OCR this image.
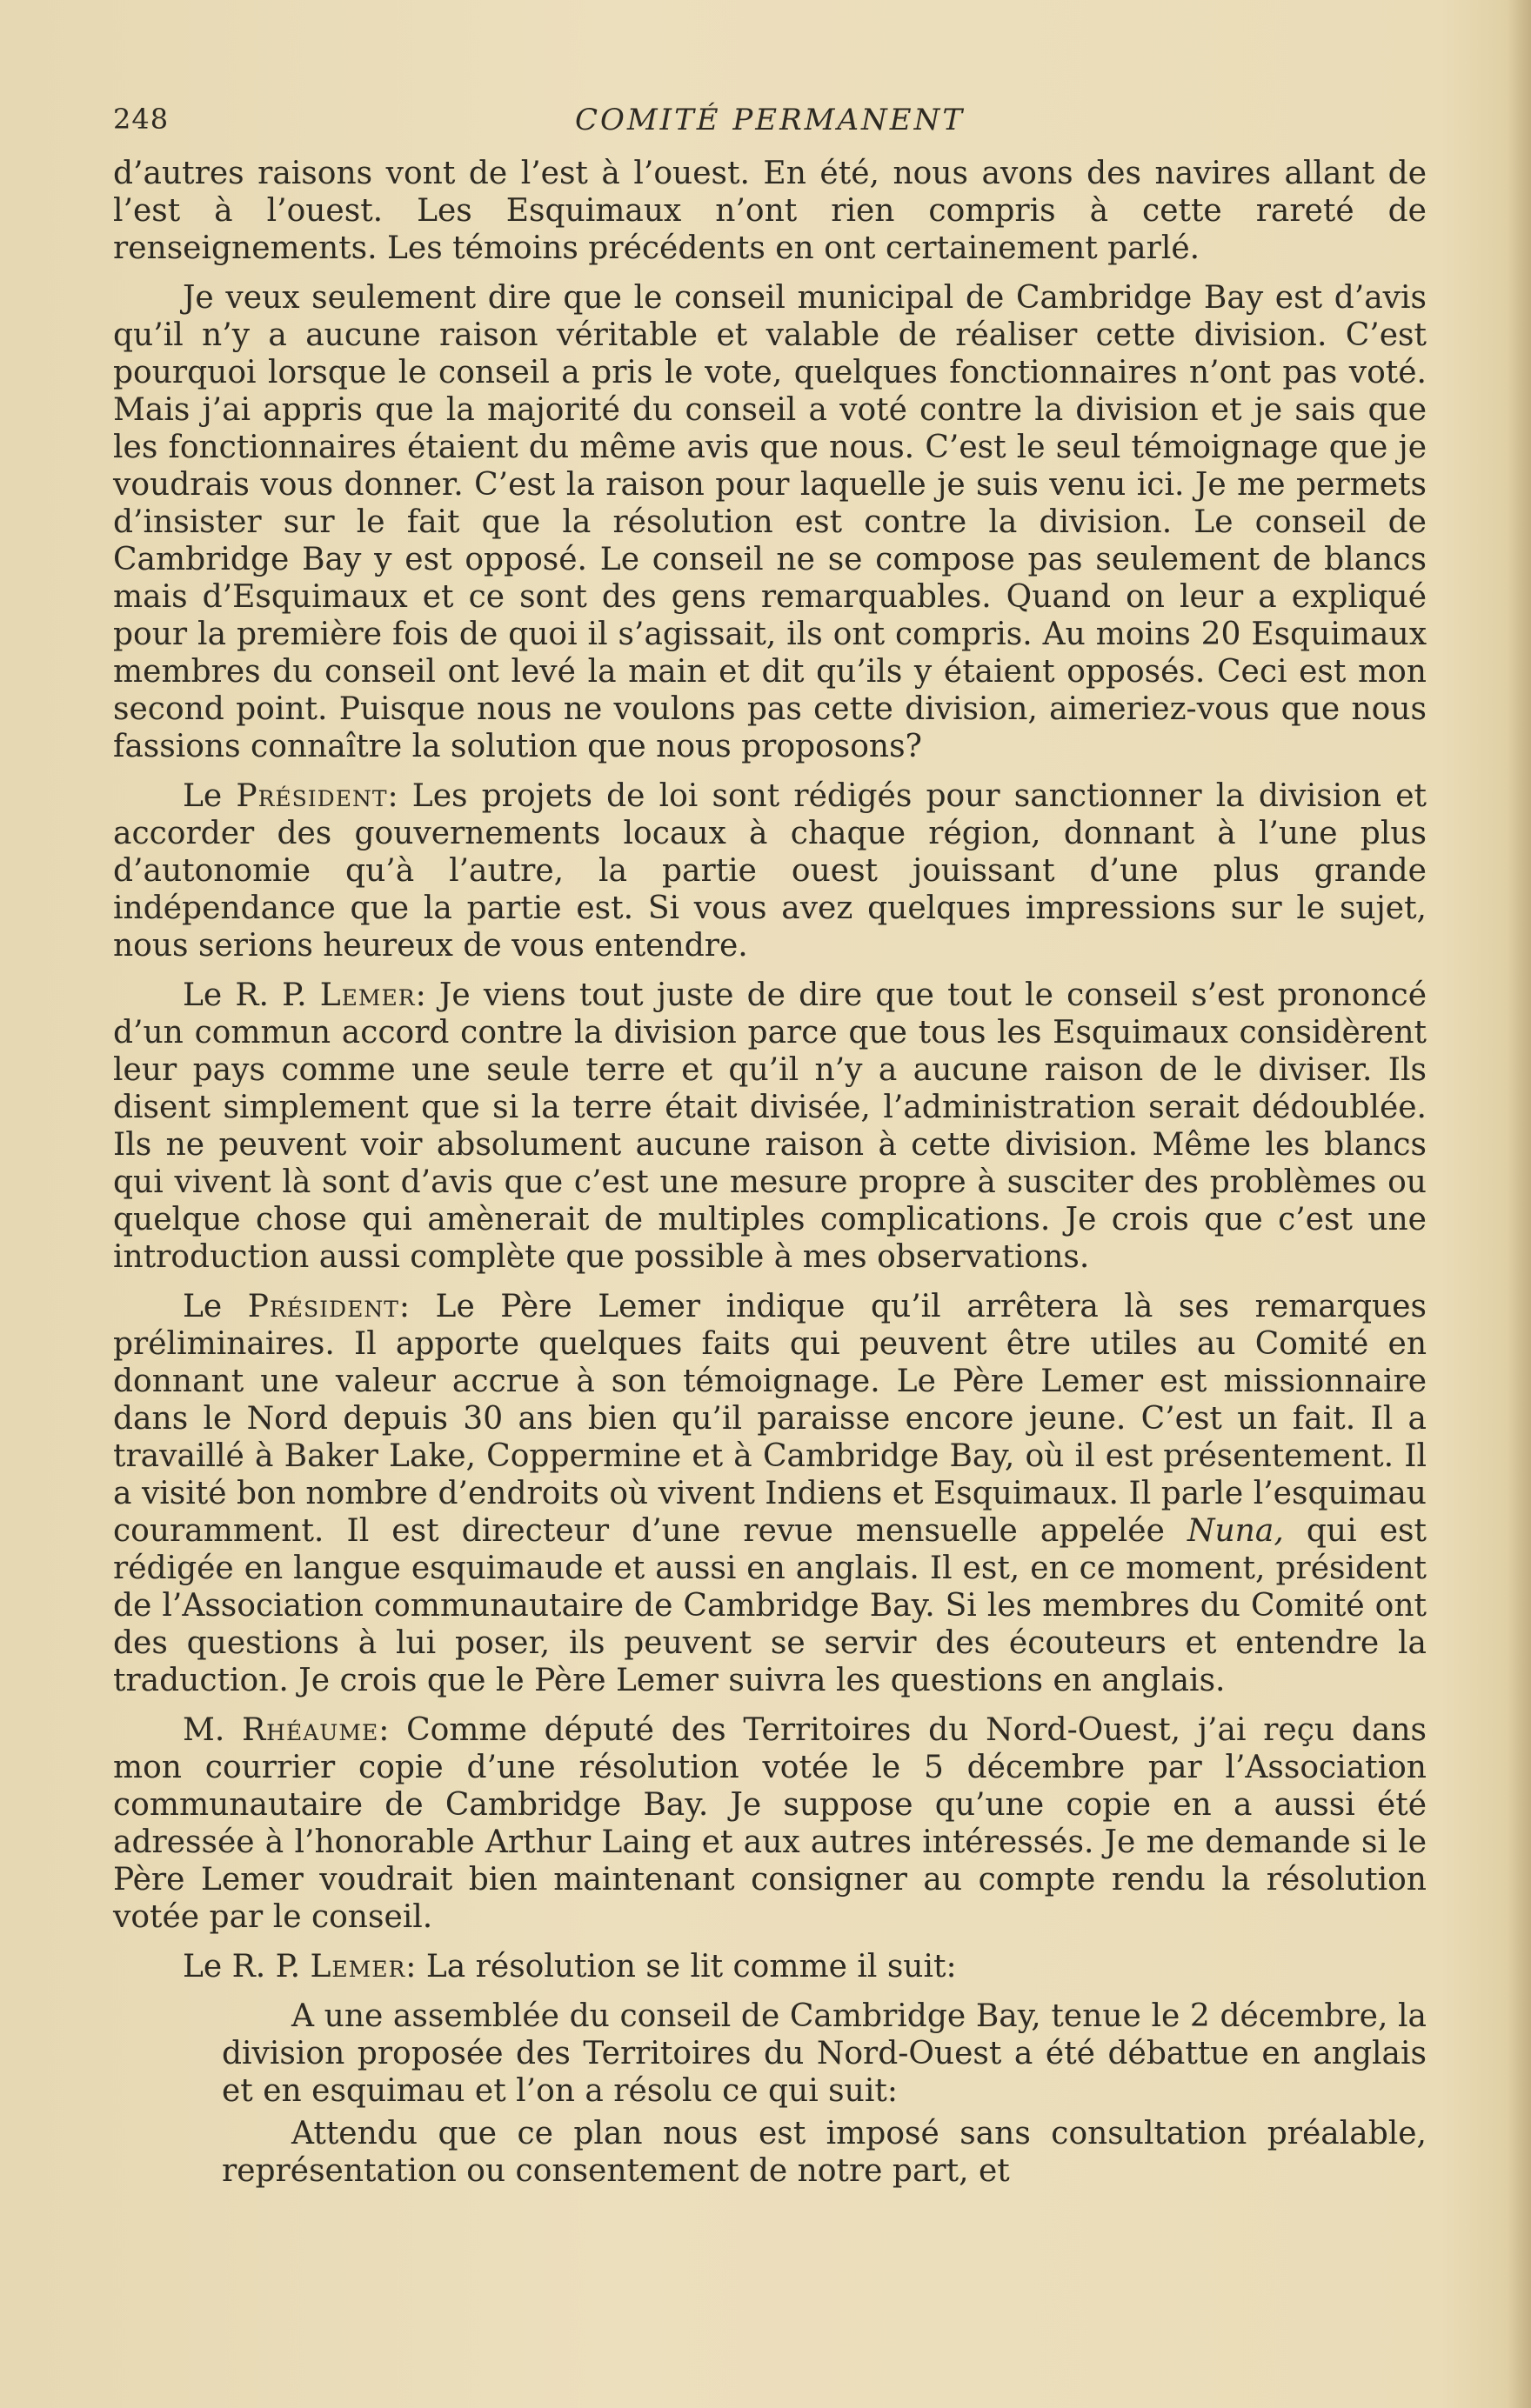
248	COMITÉ PERMANENT

d’autres raisons vont de l’est à l’ouest. En été, nous avons des navires allant de l’est à l’ouest. Les Esquimaux n’ont rien compris à cette rareté de renseignements. Les témoins précédents en ont certainement parlé.

Je veux seulement dire que le conseil municipal de Cambridge Bay est d’avis qu’il n’y a aucune raison véritable et valable de réaliser cette division. C’est pourquoi lorsque le conseil a pris le vote, quelques fonctionnaires n’ont pas voté. Mais j’ai appris que la majorité du conseil a voté contre la division et je sais que les fonctionnaires étaient du même avis que nous. C’est le seul témoignage que je voudrais vous donner. C’est la raison pour laquelle je suis venu ici. Je me permets d’insister sur le fait que la résolution est contre la division. Le conseil de Cambridge Bay y est opposé. Le conseil ne se compose pas seulement de blancs mais d’Esquimaux et ce sont des gens remarquables. Quand on leur a expliqué pour la première fois de quoi il s’agissait, ils ont compris. Au moins 20 Esquimaux membres du conseil ont levé la main et dit qu’ils y étaient opposés. Ceci est mon second point. Puisque nous ne voulons pas cette division, aimeriez-vous que nous fassions connaître la solution que nous proposons?

Le Président: Les projets de loi sont rédigés pour sanctionner la division et accorder des gouvernements locaux à chaque région, donnant à l’une plus d’autonomie qu’à l’autre, la partie ouest jouissant d’une plus grande indépendance que la partie est. Si vous avez quelques impressions sur le sujet, nous serions heureux de vous entendre.

Le R. P. Lemer: Je viens tout juste de dire que tout le conseil s’est prononcé d’un commun accord contre la division parce que tous les Esquimaux considèrent leur pays comme une seule terre et qu’il n’y a aucune raison de le diviser. Ils disent simplement que si la terre était divisée, l’administration serait dédoublée. Ils ne peuvent voir absolument aucune raison à cette division. Même les blancs qui vivent là sont d’avis que c’est une mesure propre à susciter des problèmes ou quelque chose qui amènerait de multiples complications. Je crois que c’est une introduction aussi complète que possible à mes observations.

Le Président: Le Père Lemer indique qu’il arrêtera là ses remarques préliminaires. Il apporte quelques faits qui peuvent être utiles au Comité en donnant une valeur accrue à son témoignage. Le Père Lemer est missionnaire dans le Nord depuis 30 ans bien qu’il paraisse encore jeune. C’est un fait. Il a travaillé à Baker Lake, Coppermine et à Cambridge Bay, où il est présentement. Il a visité bon nombre d’endroits où vivent Indiens et Esquimaux. Il parle l’esquimau couramment. Il est directeur d’une revue mensuelle appelée Nuna, qui est rédigée en langue esquimaude et aussi en anglais. Il est, en ce moment, président de l’Association communautaire de Cambridge Bay. Si les membres du Comité ont des questions à lui poser, ils peuvent se servir des écouteurs et entendre la traduction. Je crois que le Père Lemer suivra les questions en anglais.

M. Rhéaume: Comme député des Territoires du Nord-Ouest, j’ai reçu dans mon courrier copie d’une résolution votée le 5 décembre par l’Association communautaire de Cambridge Bay. Je suppose qu’une copie en a aussi été adressée à l’honorable Arthur Laing et aux autres intéressés. Je me demande si le Père Lemer voudrait bien maintenant consigner au compte rendu la résolution votée par le conseil.

Le R. P. Lemer: La résolution se lit comme il suit:

A une assemblée du conseil de Cambridge Bay, tenue le 2 décembre, la division proposée des Territoires du Nord-Ouest a été débattue en anglais et en esquimau et l’on a résolu ce qui suit:

Attendu que ce plan nous est imposé sans consultation préalable, représentation ou consentement de notre part, et
